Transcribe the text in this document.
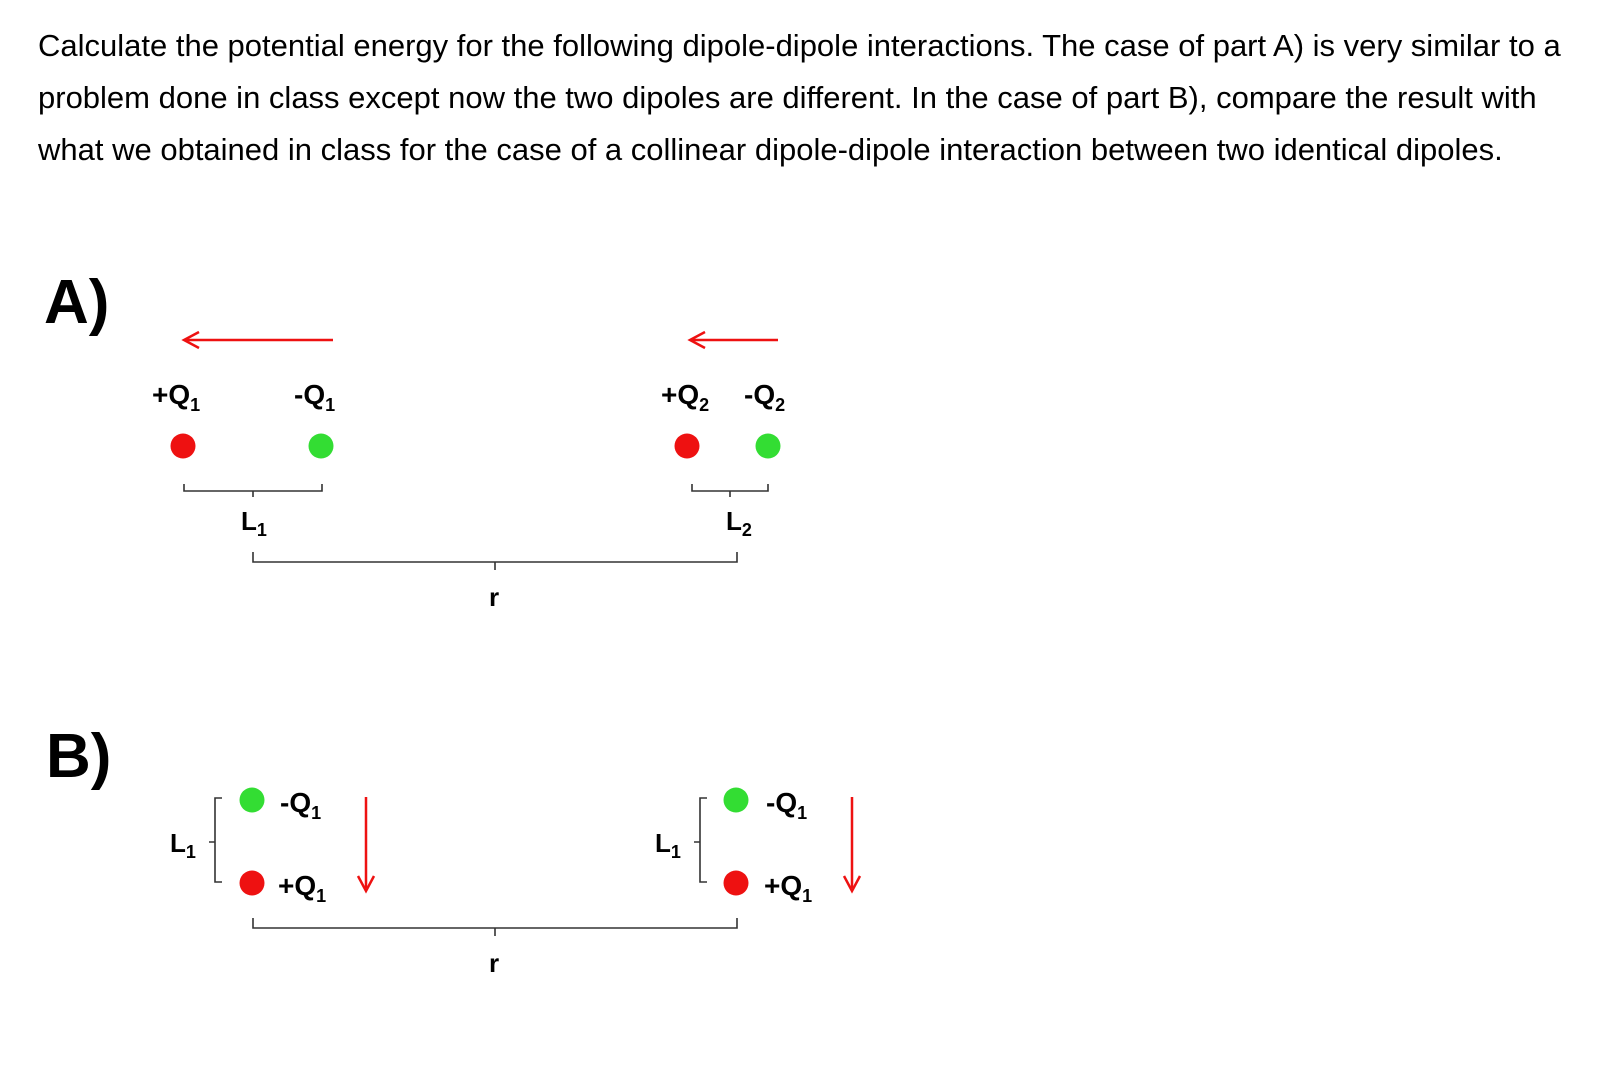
Calculate the potential energy for the following dipole-dipole interactions. The case of part A) is very similar to a problem done in class except now the two dipoles are different. In the case of part B), compare the result with what we obtained in class for the case of a collinear dipole-dipole interaction between two identical dipoles.

A)
$+Q_1$	$-Q_1$	$+Q_2$ $-Q_2$
$L_1$	$L_2$
r
B)
$-Q_1$
$+Q_1$
$L_1$
$-Q_1$
$+Q_1$
$L_1$
r
